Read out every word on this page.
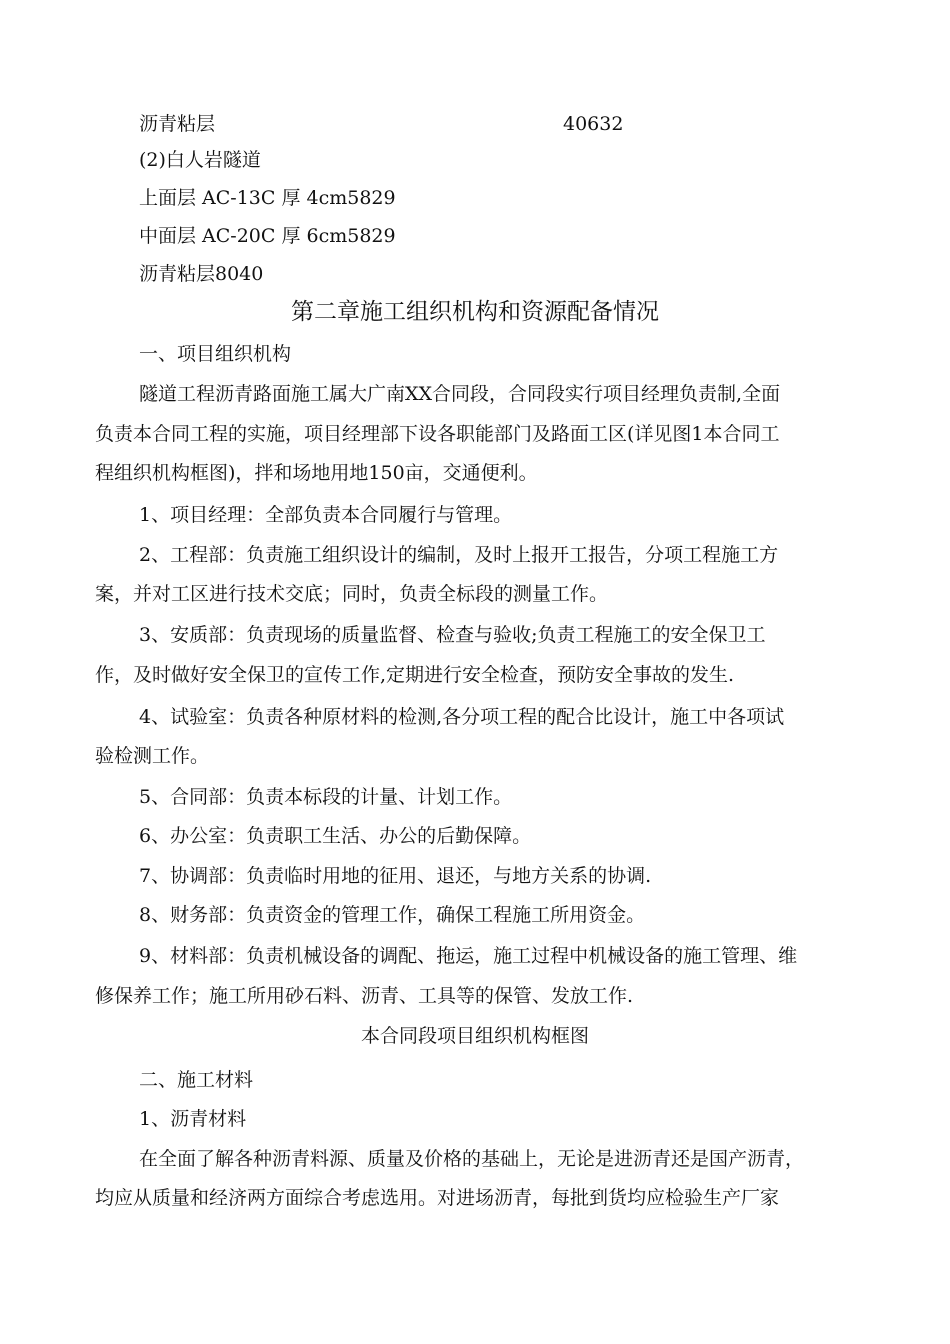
沥青粘层	40632
(2)白人岩隧道
上面层 AC-13C 厚 4cm5829
中面层 AC-20C 厚 6cm5829
沥青粘层8040
第二章施工组织机构和资源配备情况
一、项目组织机构
隧道工程沥青路面施工属大广南XX合同段，合同段实行项目经理负责制,全面
负责本合同工程的实施，项目经理部下设各职能部门及路面工区(详见图1本合同工
程组织机构框图)，拌和场地用地150亩，交通便利。
1、项目经理：全部负责本合同履行与管理。
2、工程部：负责施工组织设计的编制，及时上报开工报告，分项工程施工方
案，并对工区进行技术交底；同时，负责全标段的测量工作。
3、安质部：负责现场的质量监督、检查与验收;负责工程施工的安全保卫工
作，及时做好安全保卫的宣传工作,定期进行安全检查，预防安全事故的发生.
4、试验室：负责各种原材料的检测,各分项工程的配合比设计，施工中各项试
验检测工作。
5、合同部：负责本标段的计量、计划工作。
6、办公室：负责职工生活、办公的后勤保障。
7、协调部：负责临时用地的征用、退还，与地方关系的协调.
8、财务部：负责资金的管理工作，确保工程施工所用资金。
9、材料部：负责机械设备的调配、拖运，施工过程中机械设备的施工管理、维
修保养工作；施工所用砂石料、沥青、工具等的保管、发放工作.
本合同段项目组织机构框图
二、施工材料
1、沥青材料
在全面了解各种沥青料源、质量及价格的基础上，无论是进沥青还是国产沥青，
均应从质量和经济两方面综合考虑选用。对进场沥青，每批到货均应检验生产厂家
